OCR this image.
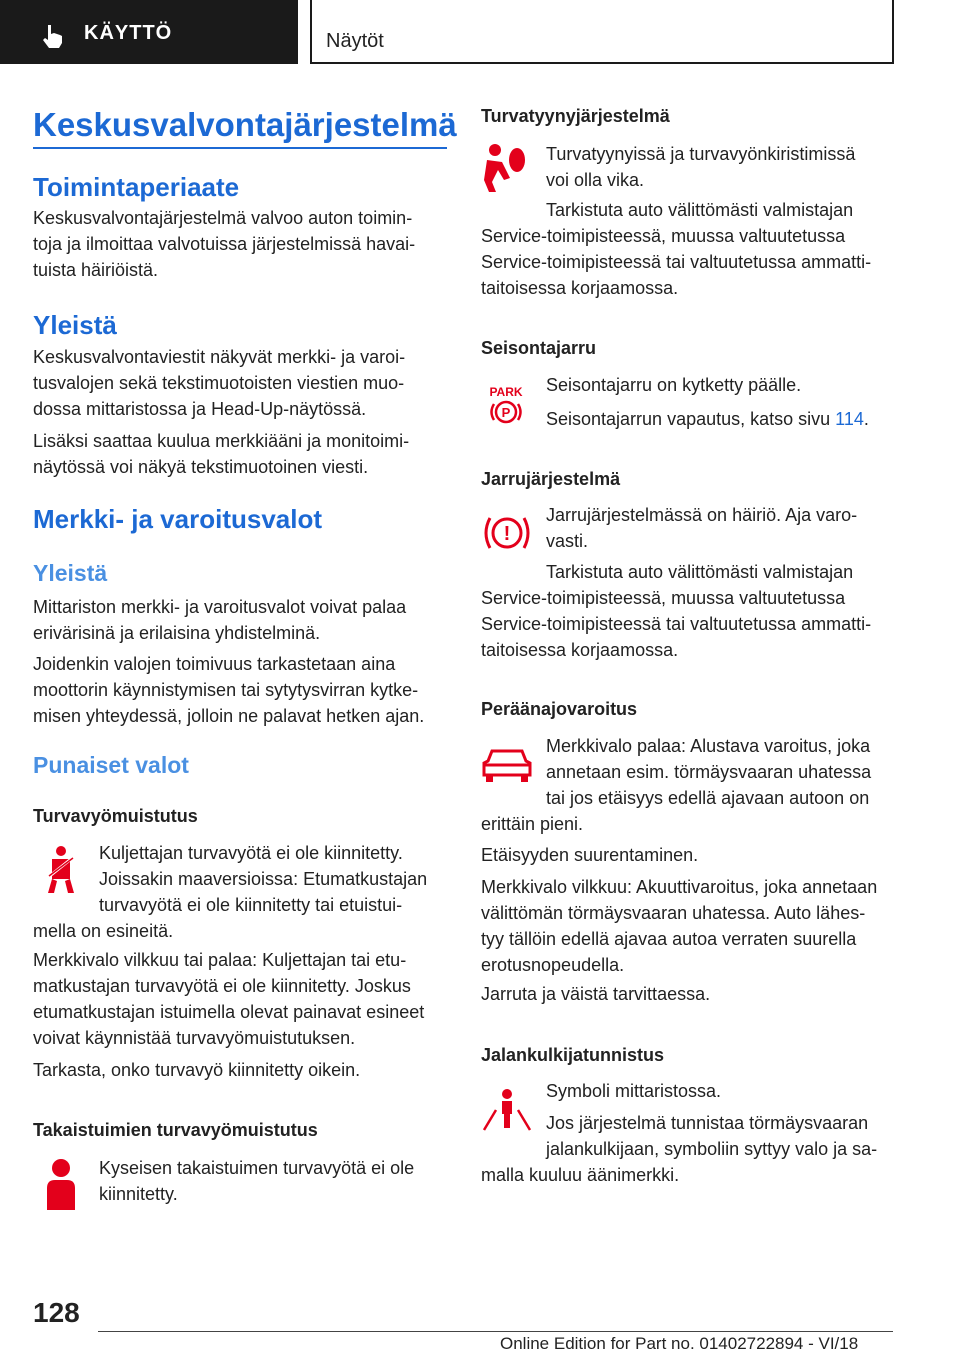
KÄYTTÖ	Näytöt
Keskusvalvontajärjestelmä
Toimintaperiaate
Keskusvalvontajärjestelmä valvoo auton toimin-
toja ja ilmoittaa valvotuissa järjestelmissä havai-
tuista häiriöistä.
Yleistä
Keskusvalvontaviestit näkyvät merkki- ja varoi-
tusvalojen sekä tekstimuotoisten viestien muo-
dossa mittaristossa ja Head-Up-näytössä.
Lisäksi saattaa kuulua merkkiääni ja monitoimi-
näytössä voi näkyä tekstimuotoinen viesti.
Merkki- ja varoitusvalot
Yleistä
Mittariston merkki- ja varoitusvalot voivat palaa
erivärisinä ja erilaisina yhdistelminä.
Joidenkin valojen toimivuus tarkastetaan aina
moottorin käynnistymisen tai sytytysvirran kytke-
misen yhteydessä, jolloin ne palavat hetken ajan.
Punaiset valot
Turvavyömuistutus
Kuljettajan turvavyötä ei ole kiinnitetty.
Joissakin maaversioissa: Etumatkustajan
turvavyötä ei ole kiinnitetty tai etuistui-
mella on esineitä.
Merkkivalo vilkkuu tai palaa: Kuljettajan tai etu-
matkustajan turvavyötä ei ole kiinnitetty. Joskus
etumatkustajan istuimella olevat painavat esineet
voivat käynnistää turvavyömuistutuksen.
Tarkasta, onko turvavyö kiinnitetty oikein.
Takaistuimien turvavyömuistutus
Kyseisen takaistuimen turvavyötä ei ole
kiinnitetty.
Turvatyynyjärjestelmä
Turvatyynyissä ja turvavyönkiristimissä
voi olla vika.
Tarkistuta auto välittömästi valmistajan
Service-toimipisteessä, muussa valtuutetussa
Service-toimipisteessä tai valtuutetussa ammatti-
taitoisessa korjaamossa.
Seisontajarru
PARK
P
Seisontajarru on kytketty päälle.
Seisontajarrun vapautus, katso sivu 114.
Jarrujärjestelmä
!
Jarrujärjestelmässä on häiriö. Aja varo-
vasti.
Tarkistuta auto välittömästi valmistajan
Service-toimipisteessä, muussa valtuutetussa
Service-toimipisteessä tai valtuutetussa ammatti-
taitoisessa korjaamossa.
Peräänajovaroitus
Merkkivalo palaa: Alustava varoitus, joka
annetaan esim. törmäysvaaran uhatessa
tai jos etäisyys edellä ajavaan autoon on
erittäin pieni.
Etäisyyden suurentaminen.
Merkkivalo vilkkuu: Akuuttivaroitus, joka annetaan
välittömän törmäysvaaran uhatessa. Auto lähes-
tyy tällöin edellä ajavaa autoa verraten suurella
erotusnopeudella.
Jarruta ja väistä tarvittaessa.
Jalankulkijatunnistus
Symboli mittaristossa.
Jos järjestelmä tunnistaa törmäysvaaran
jalankulkijaan, symboliin syttyy valo ja sa-
malla kuuluu äänimerkki.
128
Online Edition for Part no. 01402722894 - VI/18
